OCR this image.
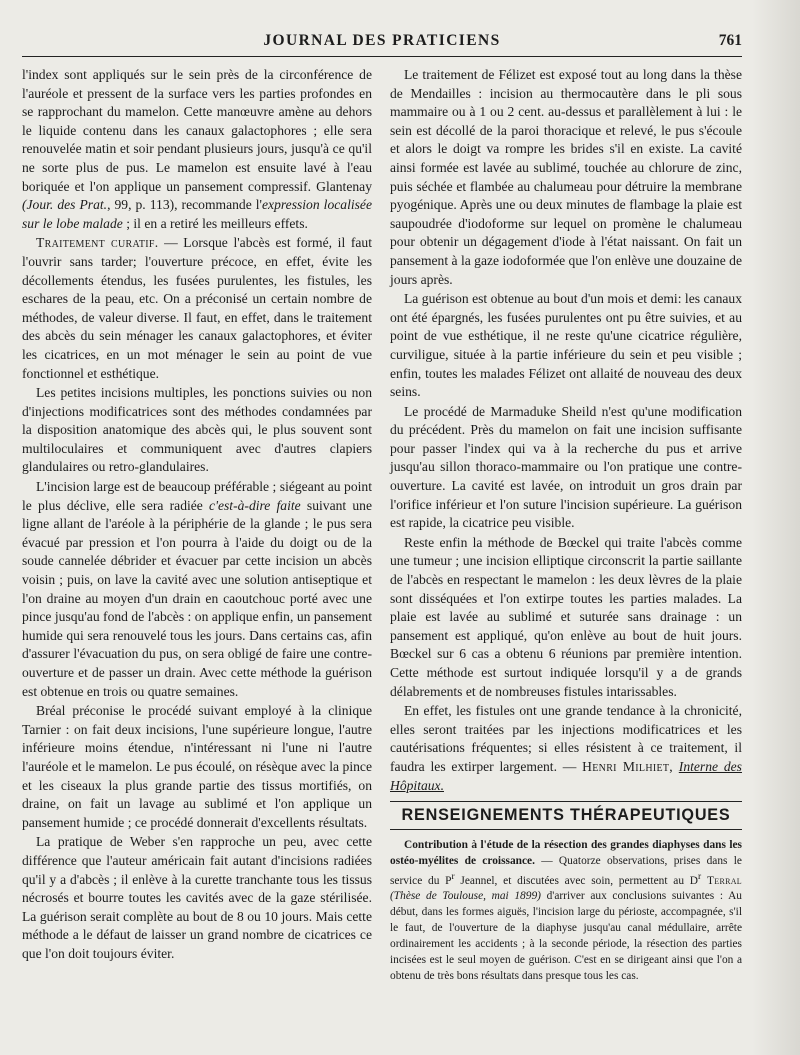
JOURNAL DES PRATICIENS	761

l'index sont appliqués sur le sein près de la circonférence de l'auréole et pressent de la surface vers les parties profondes en se rapprochant du mamelon. Cette manœuvre amène au dehors le liquide contenu dans les canaux galactophores ; elle sera renouvelée matin et soir pendant plusieurs jours, jusqu'à ce qu'il ne sorte plus de pus. Le mamelon est ensuite lavé à l'eau boriquée et l'on applique un pansement compressif. Glantenay (Jour. des Prat., 99, p. 113), recommande l'expression localisée sur le lobe malade ; il en a retiré les meilleurs effets.

Traitement curatif. — Lorsque l'abcès est formé, il faut l'ouvrir sans tarder; l'ouverture précoce, en effet, évite les décollements étendus, les fusées purulentes, les fistules, les eschares de la peau, etc. On a préconisé un certain nombre de méthodes, de valeur diverse. Il faut, en effet, dans le traitement des abcès du sein ménager les canaux galactophores, et éviter les cicatrices, en un mot ménager le sein au point de vue fonctionnel et esthétique.

Les petites incisions multiples, les ponctions suivies ou non d'injections modificatrices sont des méthodes condamnées par la disposition anatomique des abcès qui, le plus souvent sont multiloculaires et communiquent avec d'autres clapiers glandulaires ou retro-glandulaires.

L'incision large est de beaucoup préférable ; siégeant au point le plus déclive, elle sera radiée c'est-à-dire faite suivant une ligne allant de l'aréole à la périphérie de la glande ; le pus sera évacué par pression et l'on pourra à l'aide du doigt ou de la soude cannelée débrider et évacuer par cette incision un abcès voisin ; puis, on lave la cavité avec une solution antiseptique et l'on draine au moyen d'un drain en caoutchouc porté avec une pince jusqu'au fond de l'abcès : on applique enfin, un pansement humide qui sera renouvelé tous les jours. Dans certains cas, afin d'assurer l'évacuation du pus, on sera obligé de faire une contre-ouverture et de passer un drain. Avec cette méthode la guérison est obtenue en trois ou quatre semaines.

Bréal préconise le procédé suivant employé à la clinique Tarnier : on fait deux incisions, l'une supérieure longue, l'autre inférieure moins étendue, n'intéressant ni l'une ni l'autre l'auréole et le mamelon. Le pus écoulé, on résèque avec la pince et les ciseaux la plus grande partie des tissus mortifiés, on draine, on fait un lavage au sublimé et l'on applique un pansement humide ; ce procédé donnerait d'excellents résultats.

La pratique de Weber s'en rapproche un peu, avec cette différence que l'auteur américain fait autant d'incisions radiées qu'il y a d'abcès ; il enlève à la curette tranchante tous les tissus nécrosés et bourre toutes les cavités avec de la gaze stérilisée. La guérison serait complète au bout de 8 ou 10 jours. Mais cette méthode a le défaut de laisser un grand nombre de cicatrices ce que l'on doit toujours éviter.

Le traitement de Félizet est exposé tout au long dans la thèse de Mendailles : incision au thermocautère dans le pli sous mammaire ou à 1 ou 2 cent. au-dessus et parallèlement à lui : le sein est décollé de la paroi thoracique et relevé, le pus s'écoule et alors le doigt va rompre les brides s'il en existe. La cavité ainsi formée est lavée au sublimé, touchée au chlorure de zinc, puis séchée et flambée au chalumeau pour détruire la membrane pyogénique. Après une ou deux minutes de flambage la plaie est saupoudrée d'iodoforme sur lequel on promène le chalumeau pour obtenir un dégagement d'iode à l'état naissant. On fait un pansement à la gaze iodoformée que l'on enlève une douzaine de jours après.

La guérison est obtenue au bout d'un mois et demi: les canaux ont été épargnés, les fusées purulentes ont pu être suivies, et au point de vue esthétique, il ne reste qu'une cicatrice régulière, curviligue, située à la partie inférieure du sein et peu visible ; enfin, toutes les malades Félizet ont allaité de nouveau des deux seins.

Le procédé de Marmaduke Sheild n'est qu'une modification du précédent. Près du mamelon on fait une incision suffisante pour passer l'index qui va à la recherche du pus et arrive jusqu'au sillon thoraco-mammaire ou l'on pratique une contre-ouverture. La cavité est lavée, on introduit un gros drain par l'orifice inférieur et l'on suture l'incision supérieure. La guérison est rapide, la cicatrice peu visible.

Reste enfin la méthode de Bœckel qui traite l'abcès comme une tumeur ; une incision elliptique circonscrit la partie saillante de l'abcès en respectant le mamelon : les deux lèvres de la plaie sont disséquées et l'on extirpe toutes les parties malades. La plaie est lavée au sublimé et suturée sans drainage : un pansement est appliqué, qu'on enlève au bout de huit jours. Bœckel sur 6 cas a obtenu 6 réunions par première intention. Cette méthode est surtout indiquée lorsqu'il y a de grands délabrements et de nombreuses fistules intarissables.

En effet, les fistules ont une grande tendance à la chronicité, elles seront traitées par les injections modificatrices et les cautérisations fréquentes; si elles résistent à ce traitement, il faudra les extirper largement. — Henri Milhiet, Interne des Hôpitaux.

RENSEIGNEMENTS THÉRAPEUTIQUES

Contribution à l'étude de la résection des grandes diaphyses dans les ostéo-myélites de croissance. — Quatorze observations, prises dans le service du $P^r$ Jeannel, et discutées avec soin, permettent au $D^r$ Terral (Thèse de Toulouse, mai 1899) d'arriver aux conclusions suivantes : Au début, dans les formes aiguës, l'incision large du périoste, accompagnée, s'il le faut, de l'ouverture de la diaphyse jusqu'au canal médullaire, arrête ordinairement les accidents ; à la seconde période, la résection des parties incisées est le seul moyen de guérison. C'est en se dirigeant ainsi que l'on a obtenu de très bons résultats dans presque tous les cas.
